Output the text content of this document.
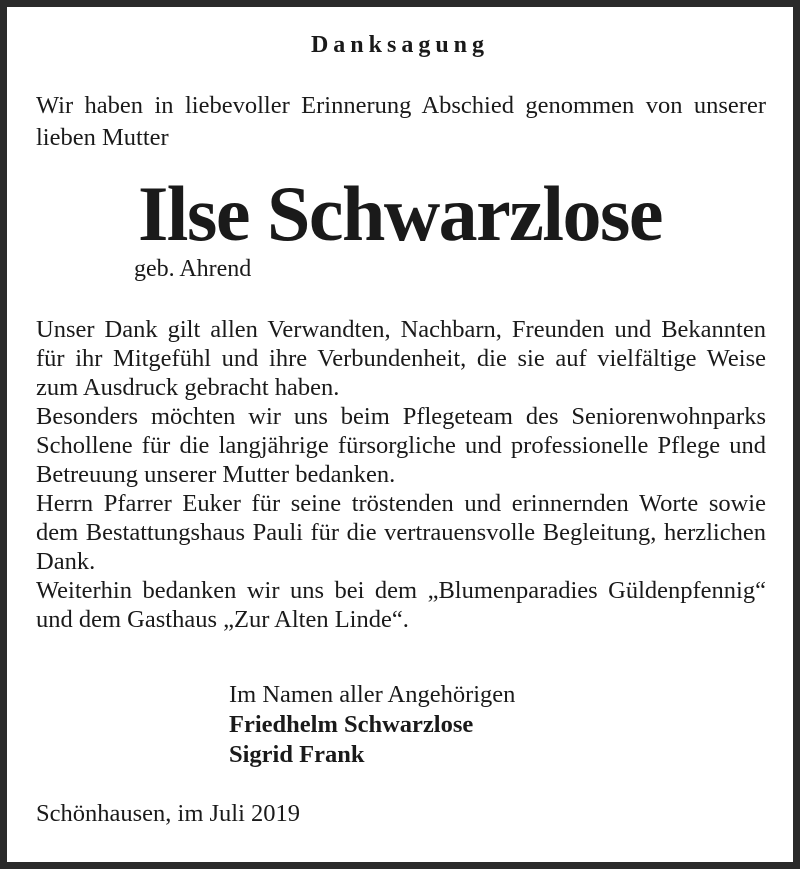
Danksagung
Wir haben in liebevoller Erinnerung Abschied genommen von unserer lieben Mutter
Ilse Schwarzlose
geb. Ahrend
Unser Dank gilt allen Verwandten, Nachbarn, Freunden und Bekannten für ihr Mitgefühl und ihre Verbundenheit, die sie auf vielfältige Weise zum Ausdruck gebracht haben.
Besonders möchten wir uns beim Pflegeteam des Seniorenwohnparks Schollene für die langjährige fürsorgliche und professionelle Pflege und Betreuung unserer Mutter bedanken.
Herrn Pfarrer Euker für seine tröstenden und erinnernden Worte sowie dem Bestattungshaus Pauli für die vertrauensvolle Begleitung, herzlichen Dank.
Weiterhin bedanken wir uns bei dem „Blumenparadies Güldenpfennig“ und dem Gasthaus „Zur Alten Linde“.
Im Namen aller Angehörigen
Friedhelm Schwarzlose
Sigrid Frank
Schönhausen, im Juli 2019
